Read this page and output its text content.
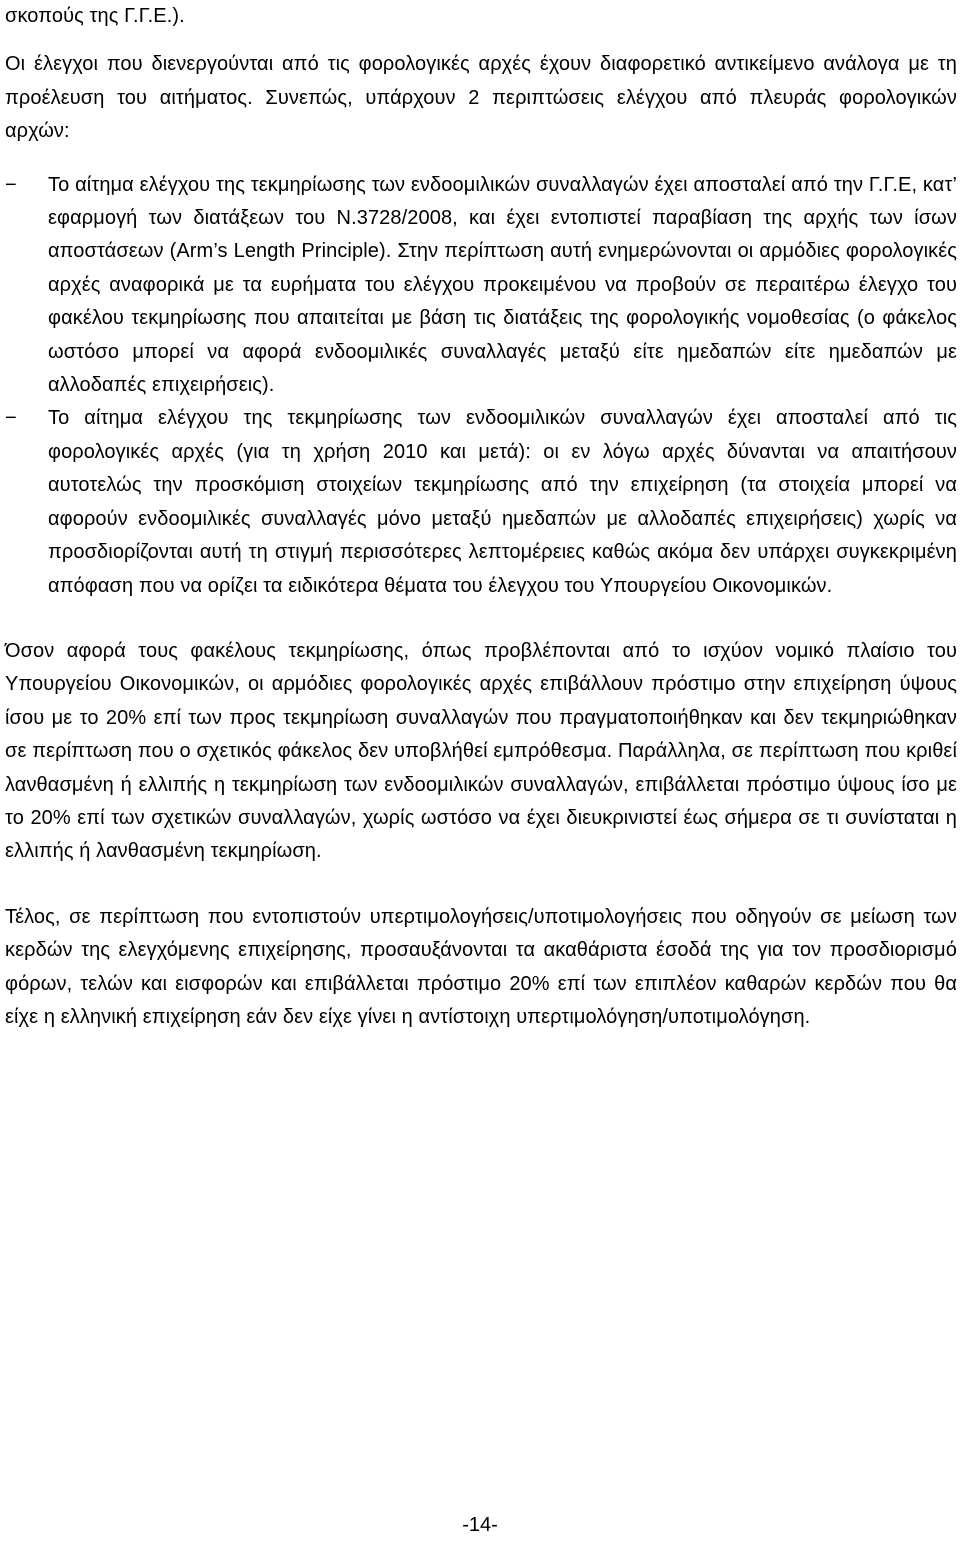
σκοπούς της Γ.Γ.Ε.).

Οι έλεγχοι που διενεργούνται από τις φορολογικές αρχές έχουν διαφορετικό αντικείμενο ανάλογα με τη προέλευση του αιτήματος. Συνεπώς, υπάρχουν 2 περιπτώσεις ελέγχου από πλευράς φορολογικών αρχών:

− Το αίτημα ελέγχου της τεκμηρίωσης των ενδοομιλικών συναλλαγών έχει αποσταλεί από την Γ.Γ.Ε, κατ’ εφαρμογή των διατάξεων του Ν.3728/2008, και έχει εντοπιστεί παραβίαση της αρχής των ίσων αποστάσεων (Arm’s Length Principle). Στην περίπτωση αυτή ενημερώνονται οι αρμόδιες φορολογικές αρχές αναφορικά με τα ευρήματα του ελέγχου προκειμένου να προβούν σε περαιτέρω έλεγχο του φακέλου τεκμηρίωσης που απαιτείται με βάση τις διατάξεις της φορολογικής νομοθεσίας (ο φάκελος ωστόσο μπορεί να αφορά ενδοομιλικές συναλλαγές μεταξύ είτε ημεδαπών είτε ημεδαπών με αλλοδαπές επιχειρήσεις).
− Το αίτημα ελέγχου της τεκμηρίωσης των ενδοομιλικών συναλλαγών έχει αποσταλεί από τις φορολογικές αρχές (για τη χρήση 2010 και μετά): οι εν λόγω αρχές δύνανται να απαιτήσουν αυτοτελώς την προσκόμιση στοιχείων τεκμηρίωσης από την επιχείρηση (τα στοιχεία μπορεί να αφορούν ενδοομιλικές συναλλαγές μόνο μεταξύ ημεδαπών με αλλοδαπές επιχειρήσεις) χωρίς να προσδιορίζονται αυτή τη στιγμή περισσότερες λεπτομέρειες καθώς ακόμα δεν υπάρχει συγκεκριμένη απόφαση που να ορίζει τα ειδικότερα θέματα του έλεγχου του Υπουργείου Οικονομικών.

Όσον αφορά τους φακέλους τεκμηρίωσης, όπως προβλέπονται από το ισχύον νομικό πλαίσιο του Υπουργείου Οικονομικών, οι αρμόδιες φορολογικές αρχές επιβάλλουν πρόστιμο στην επιχείρηση ύψους ίσου με το 20% επί των προς τεκμηρίωση συναλλαγών που πραγματοποιήθηκαν και δεν τεκμηριώθηκαν σε περίπτωση που ο σχετικός φάκελος δεν υποβλήθεί εμπρόθεσμα. Παράλληλα, σε περίπτωση που κριθεί λανθασμένη ή ελλιπής η τεκμηρίωση των ενδοομιλικών συναλλαγών, επιβάλλεται πρόστιμο ύψους ίσο με το 20% επί των σχετικών συναλλαγών, χωρίς ωστόσο να έχει διευκρινιστεί έως σήμερα σε τι συνίσταται η ελλιπής ή λανθασμένη τεκμηρίωση.

Τέλος, σε περίπτωση που εντοπιστούν υπερτιμολογήσεις/υποτιμολογήσεις που οδηγούν σε μείωση των κερδών της ελεγχόμενης επιχείρησης, προσαυξάνονται τα ακαθάριστα έσοδά της για τον προσδιορισμό φόρων, τελών και εισφορών και επιβάλλεται πρόστιμο 20% επί των επιπλέον καθαρών κερδών που θα είχε η ελληνική επιχείρηση εάν δεν είχε γίνει η αντίστοιχη υπερτιμολόγηση/υποτιμολόγηση.

-14-
